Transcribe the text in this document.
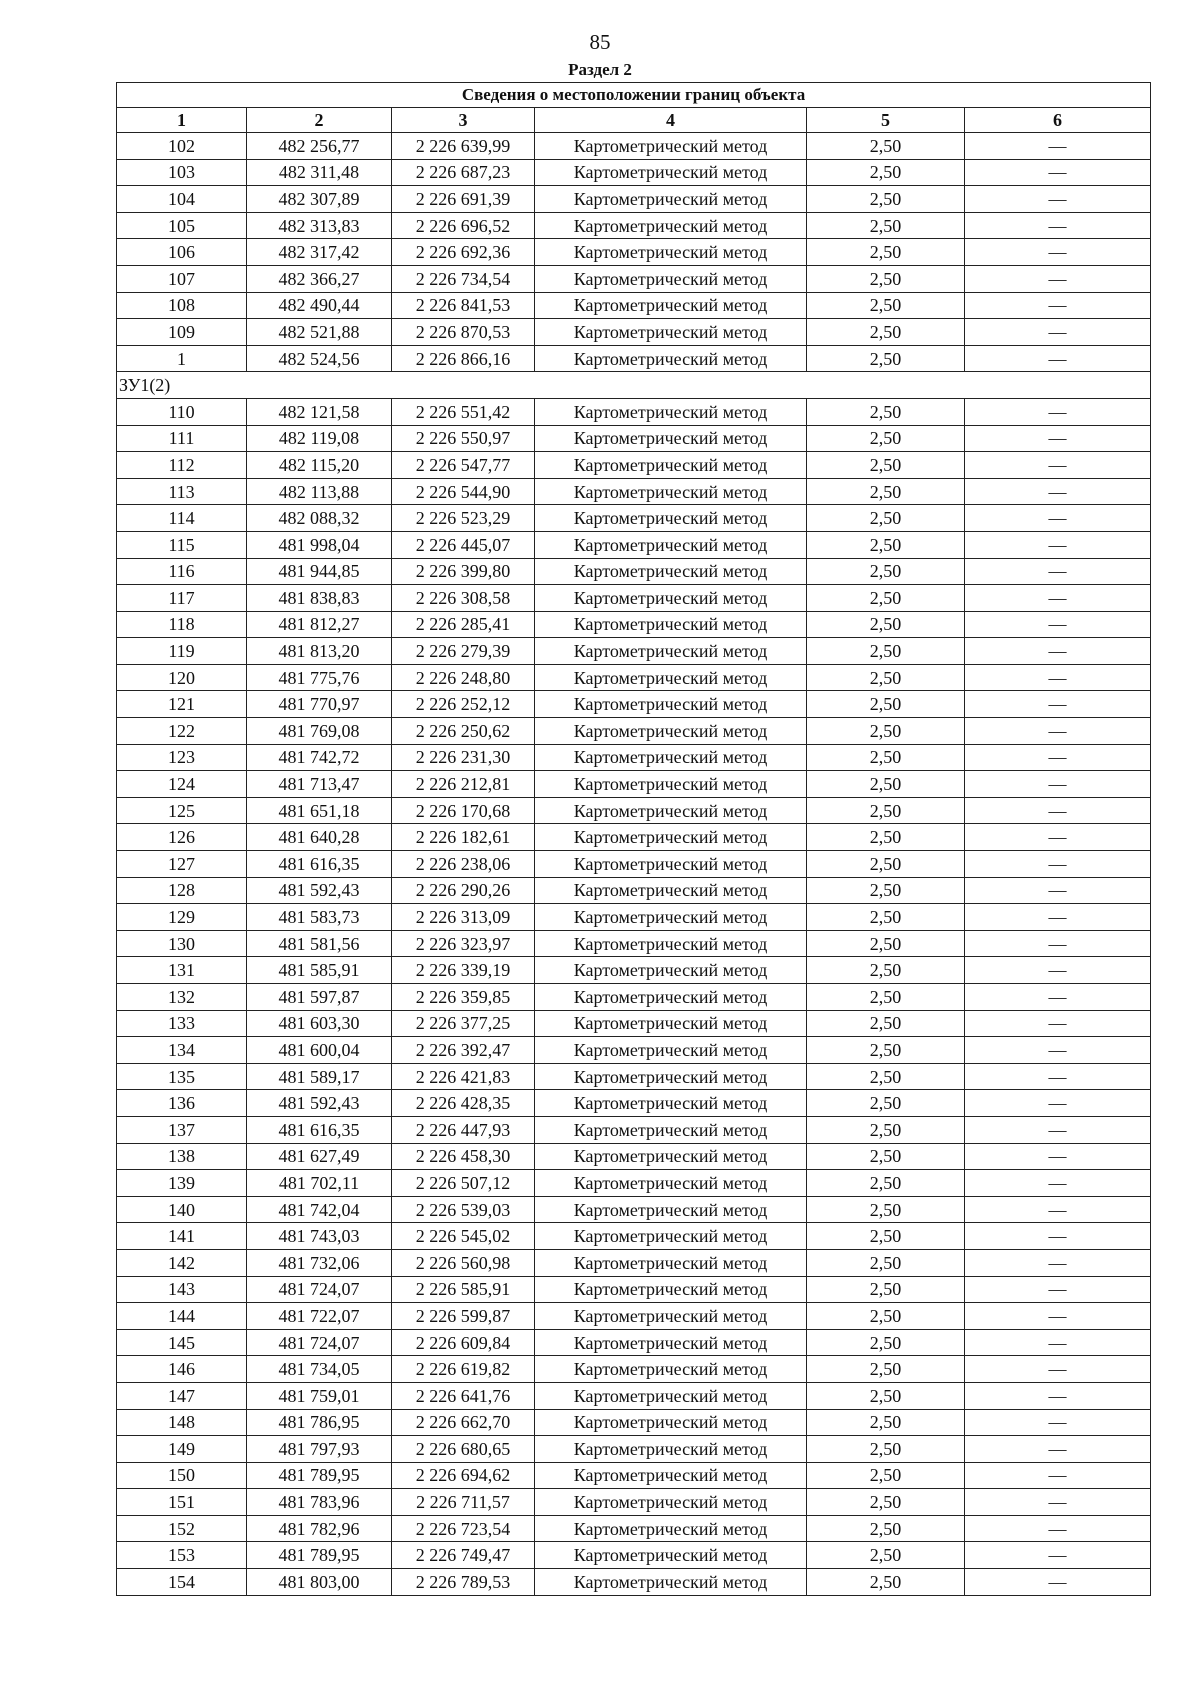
85
Раздел 2
Сведения о местоположении границ объекта					
1	2	3	4	5	6
102	482 256,77	2 226 639,99	Картометрический метод	2,50	—
103	482 311,48	2 226 687,23	Картометрический метод	2,50	—
104	482 307,89	2 226 691,39	Картометрический метод	2,50	—
105	482 313,83	2 226 696,52	Картометрический метод	2,50	—
106	482 317,42	2 226 692,36	Картометрический метод	2,50	—
107	482 366,27	2 226 734,54	Картометрический метод	2,50	—
108	482 490,44	2 226 841,53	Картометрический метод	2,50	—
109	482 521,88	2 226 870,53	Картометрический метод	2,50	—
1	482 524,56	2 226 866,16	Картометрический метод	2,50	—
ЗУ1(2)					
110	482 121,58	2 226 551,42	Картометрический метод	2,50	—
111	482 119,08	2 226 550,97	Картометрический метод	2,50	—
112	482 115,20	2 226 547,77	Картометрический метод	2,50	—
113	482 113,88	2 226 544,90	Картометрический метод	2,50	—
114	482 088,32	2 226 523,29	Картометрический метод	2,50	—
115	481 998,04	2 226 445,07	Картометрический метод	2,50	—
116	481 944,85	2 226 399,80	Картометрический метод	2,50	—
117	481 838,83	2 226 308,58	Картометрический метод	2,50	—
118	481 812,27	2 226 285,41	Картометрический метод	2,50	—
119	481 813,20	2 226 279,39	Картометрический метод	2,50	—
120	481 775,76	2 226 248,80	Картометрический метод	2,50	—
121	481 770,97	2 226 252,12	Картометрический метод	2,50	—
122	481 769,08	2 226 250,62	Картометрический метод	2,50	—
123	481 742,72	2 226 231,30	Картометрический метод	2,50	—
124	481 713,47	2 226 212,81	Картометрический метод	2,50	—
125	481 651,18	2 226 170,68	Картометрический метод	2,50	—
126	481 640,28	2 226 182,61	Картометрический метод	2,50	—
127	481 616,35	2 226 238,06	Картометрический метод	2,50	—
128	481 592,43	2 226 290,26	Картометрический метод	2,50	—
129	481 583,73	2 226 313,09	Картометрический метод	2,50	—
130	481 581,56	2 226 323,97	Картометрический метод	2,50	—
131	481 585,91	2 226 339,19	Картометрический метод	2,50	—
132	481 597,87	2 226 359,85	Картометрический метод	2,50	—
133	481 603,30	2 226 377,25	Картометрический метод	2,50	—
134	481 600,04	2 226 392,47	Картометрический метод	2,50	—
135	481 589,17	2 226 421,83	Картометрический метод	2,50	—
136	481 592,43	2 226 428,35	Картометрический метод	2,50	—
137	481 616,35	2 226 447,93	Картометрический метод	2,50	—
138	481 627,49	2 226 458,30	Картометрический метод	2,50	—
139	481 702,11	2 226 507,12	Картометрический метод	2,50	—
140	481 742,04	2 226 539,03	Картометрический метод	2,50	—
141	481 743,03	2 226 545,02	Картометрический метод	2,50	—
142	481 732,06	2 226 560,98	Картометрический метод	2,50	—
143	481 724,07	2 226 585,91	Картометрический метод	2,50	—
144	481 722,07	2 226 599,87	Картометрический метод	2,50	—
145	481 724,07	2 226 609,84	Картометрический метод	2,50	—
146	481 734,05	2 226 619,82	Картометрический метод	2,50	—
147	481 759,01	2 226 641,76	Картометрический метод	2,50	—
148	481 786,95	2 226 662,70	Картометрический метод	2,50	—
149	481 797,93	2 226 680,65	Картометрический метод	2,50	—
150	481 789,95	2 226 694,62	Картометрический метод	2,50	—
151	481 783,96	2 226 711,57	Картометрический метод	2,50	—
152	481 782,96	2 226 723,54	Картометрический метод	2,50	—
153	481 789,95	2 226 749,47	Картометрический метод	2,50	—
154	481 803,00	2 226 789,53	Картометрический метод	2,50	—
